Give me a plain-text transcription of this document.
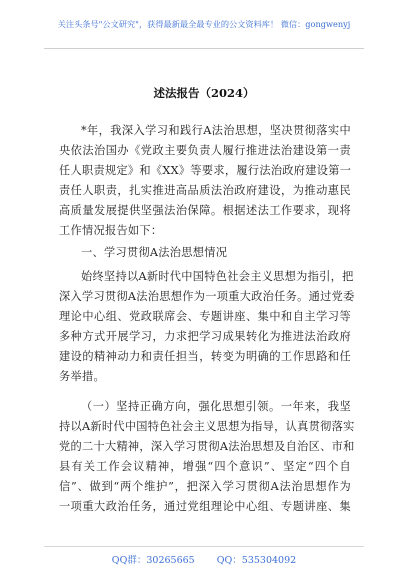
关注头条号"公文研究"，获得最新最全最专业的公文资料库！ 微信：gongwenyj
述法报告（2024）
*年，我深入学习和践行A法治思想，坚决贯彻落实中
央依法治国办《党政主要负责人履行推进法治建设第一责
任人职责规定》和《XX》等要求，履行法治政府建设第一
责任人职责，扎实推进高品质法治政府建设，为推动惠民
高质量发展提供坚强法治保障。根据述法工作要求，现将
工作情况报告如下：
一、学习贯彻A法治思想情况
始终坚持以A新时代中国特色社会主义思想为指引，把
深入学习贯彻A法治思想作为一项重大政治任务。通过党委
理论中心组、党政联席会、专题讲座、集中和自主学习等
多种方式开展学习，力求把学习成果转化为推进法治政府
建设的精神动力和责任担当，转变为明确的工作思路和任
务举措。
（一）坚持正确方向，强化思想引领。一年来，我坚
持以A新时代中国特色社会主义思想为指导，认真贯彻落实
党的二十大精神，深入学习贯彻A法治思想及自治区、市和
县有关工作会议精神，增强“四个意识”、坚定“四个自
信”、做到“两个维护”，把深入学习贯彻A法治思想作为
一项重大政治任务，通过党组理论中心组、专题讲座、集
QQ群：30265665 QQ：535304092
